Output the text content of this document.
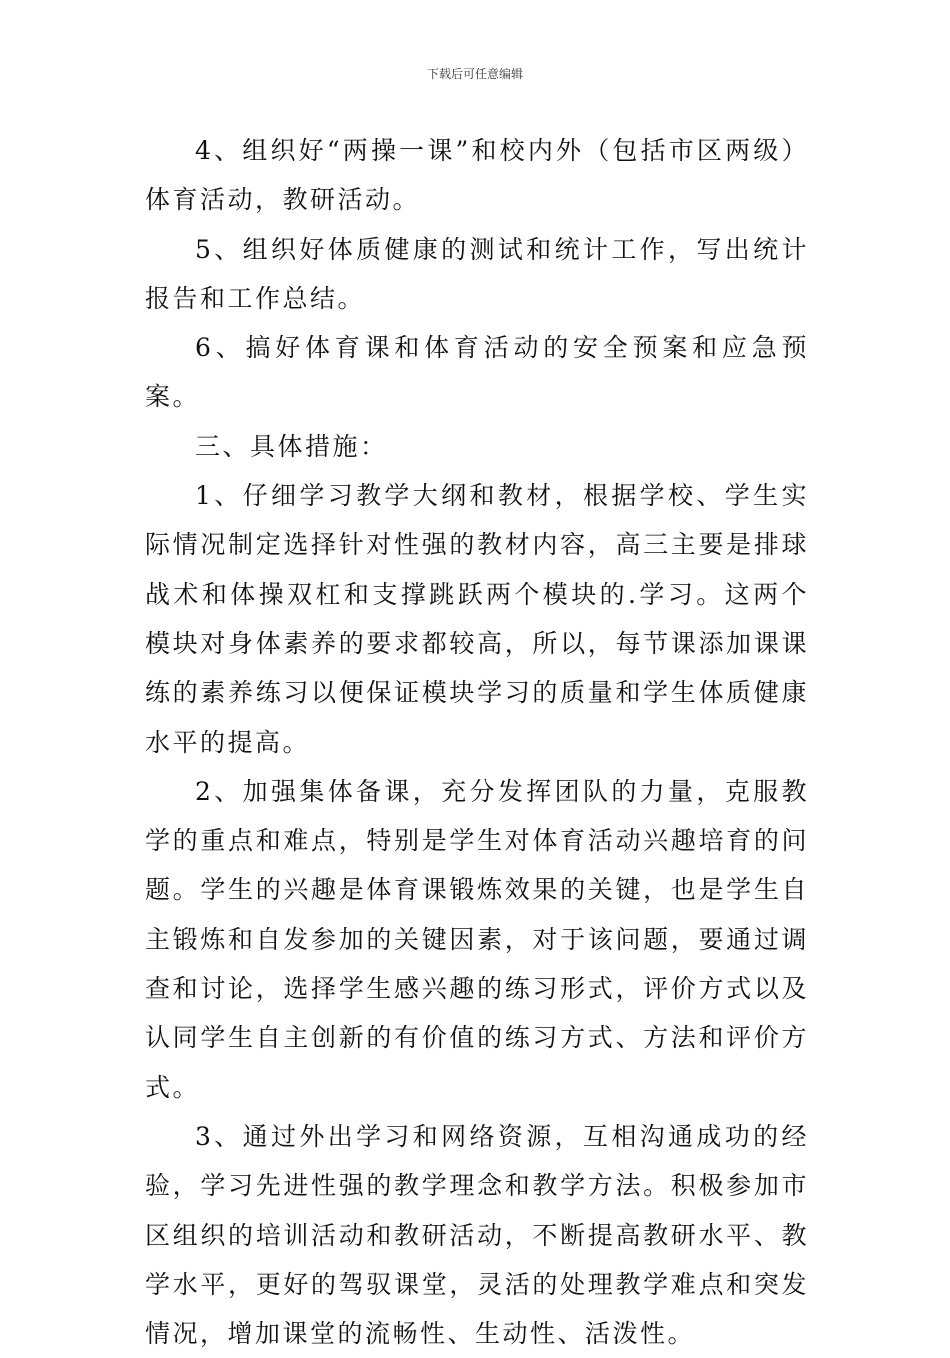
下载后可任意编辑

4、组织好“两操一课”和校内外（包括市区两级）体育活动，教研活动。

5、组织好体质健康的测试和统计工作，写出统计报告和工作总结。

6、搞好体育课和体育活动的安全预案和应急预案。

三、具体措施：

1、仔细学习教学大纲和教材，根据学校、学生实际情况制定选择针对性强的教材内容，高三主要是排球战术和体操双杠和支撑跳跃两个模块的.学习。这两个模块对身体素养的要求都较高，所以，每节课添加课课练的素养练习以便保证模块学习的质量和学生体质健康水平的提高。

2、加强集体备课，充分发挥团队的力量，克服教学的重点和难点，特别是学生对体育活动兴趣培育的问题。学生的兴趣是体育课锻炼效果的关键，也是学生自主锻炼和自发参加的关键因素，对于该问题，要通过调查和讨论，选择学生感兴趣的练习形式，评价方式以及认同学生自主创新的有价值的练习方式、方法和评价方式。

3、通过外出学习和网络资源，互相沟通成功的经验，学习先进性强的教学理念和教学方法。积极参加市区组织的培训活动和教研活动，不断提高教研水平、教学水平，更好的驾驭课堂，灵活的处理教学难点和突发情况，增加课堂的流畅性、生动性、活泼性。
